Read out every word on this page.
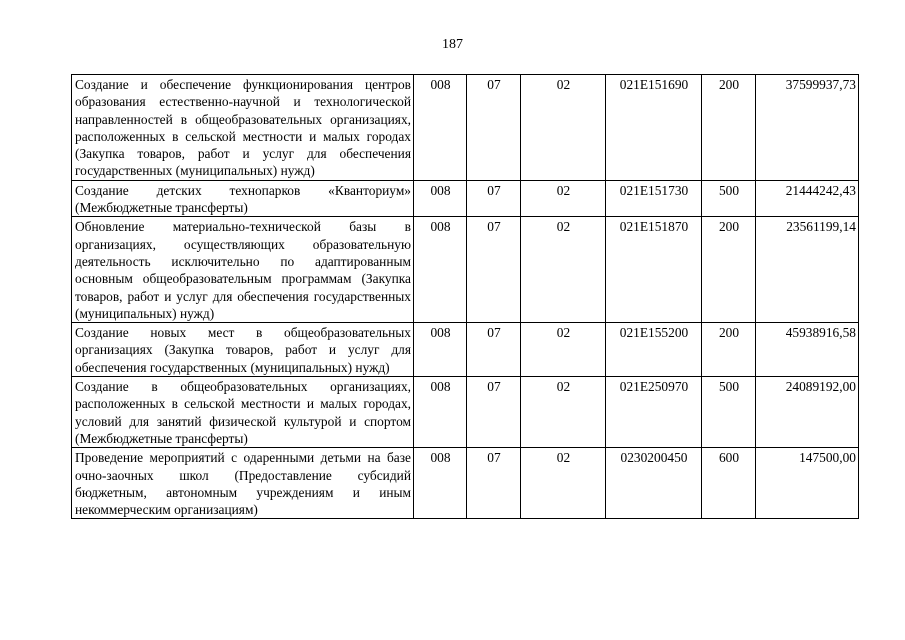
187
Создание и обеспечение функционирования центров образования естественно-научной и технологической направленностей в общеобразовательных организациях, расположенных в сельской местности и малых городах (Закупка товаров, работ и услуг для обеспечения государственных (муниципальных) нужд)	008	07	02	021Е151690	200	37599937,73
Создание детских технопарков «Кванториум» (Межбюджетные трансферты)	008	07	02	021Е151730	500	21444242,43
Обновление материально-технической базы в организациях, осуществляющих образовательную деятельность исключительно по адаптированным основным общеобразовательным программам (Закупка товаров, работ и услуг для обеспечения государственных (муниципальных) нужд)	008	07	02	021Е151870	200	23561199,14
Создание новых мест в общеобразовательных организациях (Закупка товаров, работ и услуг для обеспечения государственных (муниципальных) нужд)	008	07	02	021Е155200	200	45938916,58
Создание в общеобразовательных организациях, расположенных в сельской местности и малых городах, условий для занятий физической культурой и спортом (Межбюджетные трансферты)	008	07	02	021Е250970	500	24089192,00
Проведение мероприятий с одаренными детьми на базе очно-заочных школ (Предоставление субсидий бюджетным, автономным учреждениям и иным некоммерческим организациям)	008	07	02	0230200450	600	147500,00
